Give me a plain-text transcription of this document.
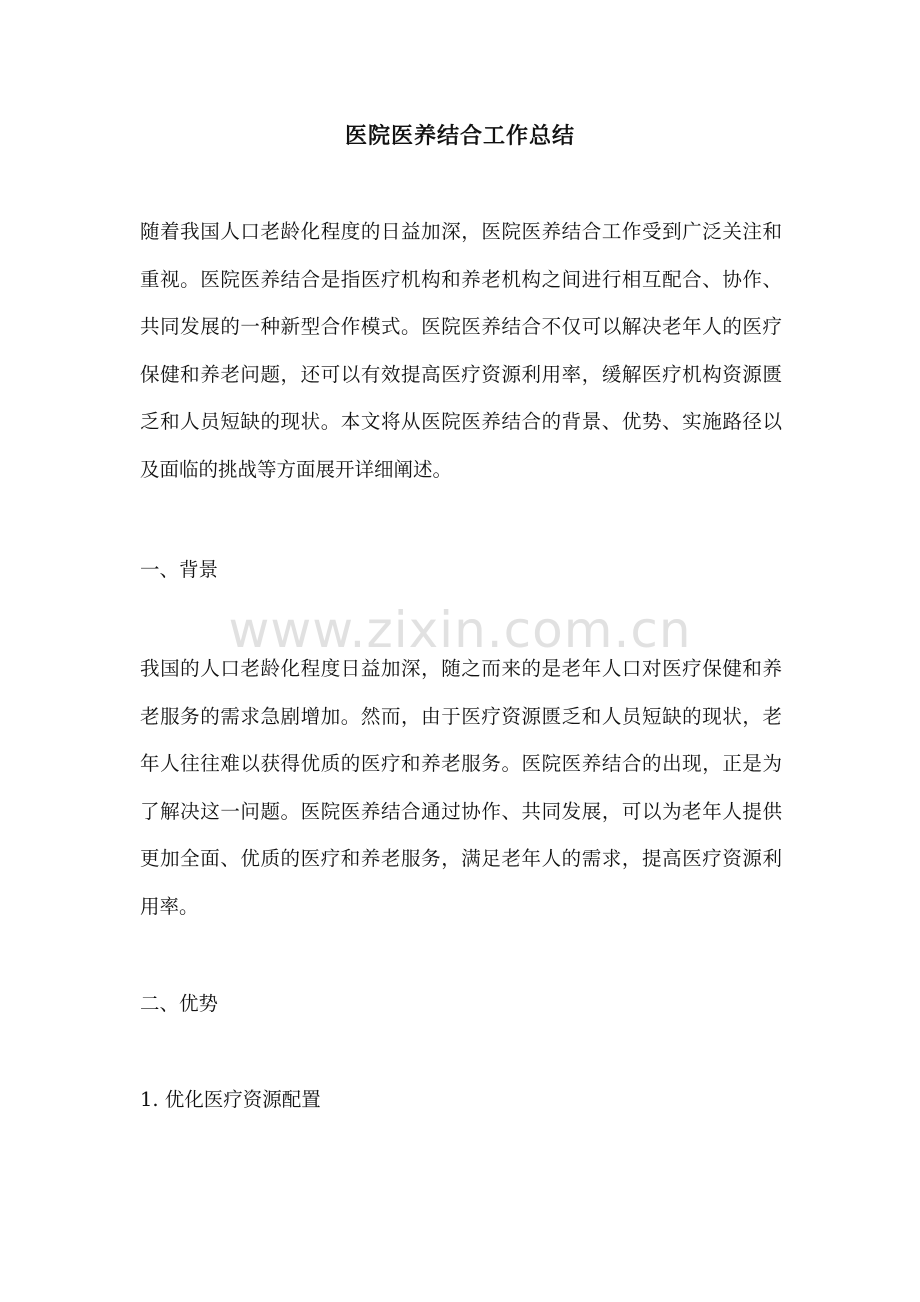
医院医养结合工作总结
随着我国人口老龄化程度的日益加深，医院医养结合工作受到广泛关注和重视。医院医养结合是指医疗机构和养老机构之间进行相互配合、协作、共同发展的一种新型合作模式。医院医养结合不仅可以解决老年人的医疗保健和养老问题，还可以有效提高医疗资源利用率，缓解医疗机构资源匮乏和人员短缺的现状。本文将从医院医养结合的背景、优势、实施路径以及面临的挑战等方面展开详细阐述。
一、背景
www.zixin.com.cn
我国的人口老龄化程度日益加深，随之而来的是老年人口对医疗保健和养老服务的需求急剧增加。然而，由于医疗资源匮乏和人员短缺的现状，老年人往往难以获得优质的医疗和养老服务。医院医养结合的出现，正是为了解决这一问题。医院医养结合通过协作、共同发展，可以为老年人提供更加全面、优质的医疗和养老服务，满足老年人的需求，提高医疗资源利用率。
二、优势
1. 优化医疗资源配置
